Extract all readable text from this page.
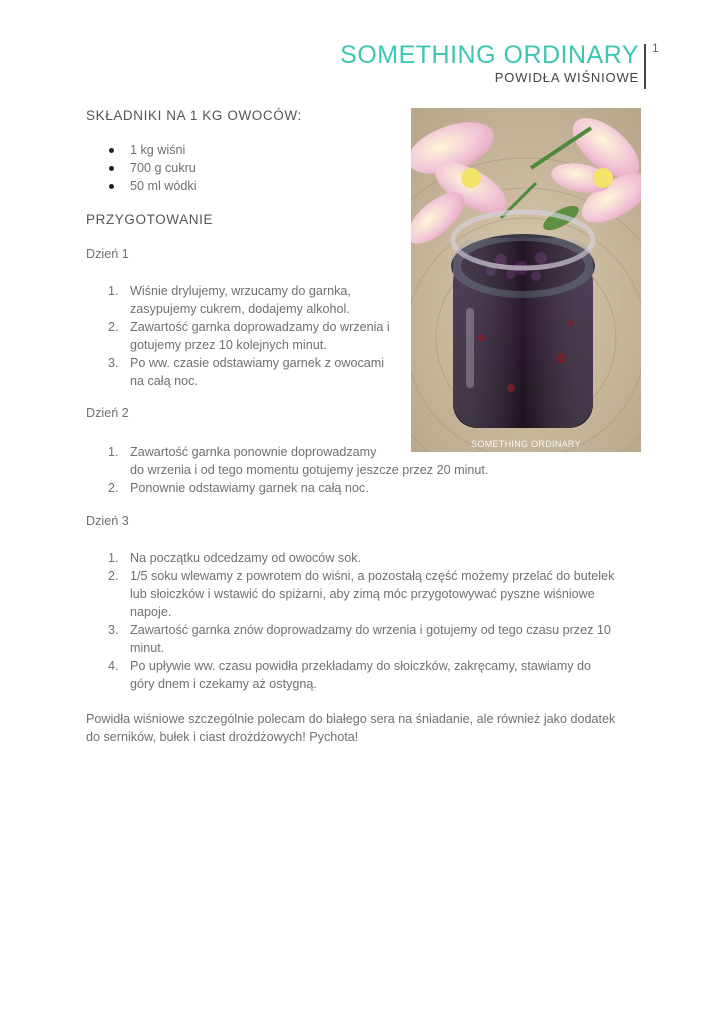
SOMETHING ORDINARY
POWIDŁA WIŚNIOWE
1
SKŁADNIKI NA 1 KG OWOCÓW:
1 kg wiśni
700 g cukru
50 ml wódki
PRZYGOTOWANIE
Dzień 1
1. Wiśnie drylujemy, wrzucamy do garnka,
zasypujemy cukrem, dodajemy alkohol.
2. Zawartość garnka doprowadzamy do wrzenia i
gotujemy przez 10 kolejnych minut.
3. Po ww. czasie odstawiamy garnek z owocami
na całą noc.
Dzień 2
1. Zawartość garnka ponownie doprowadzamy
do wrzenia i od tego momentu gotujemy jeszcze przez 20 minut.
2. Ponownie odstawiamy garnek na całą noc.
Dzień 3
1. Na początku odcedzamy od owoców sok.
2. 1/5 soku wlewamy z powrotem do wiśni, a pozostałą część możemy przelać do butelek
lub słoiczków i wstawić do spiżarni, aby zimą móc przygotowywać pyszne wiśniowe
napoje.
3. Zawartość garnka znów doprowadzamy do wrzenia i gotujemy od tego czasu przez 10
minut.
4. Po upływie ww. czasu powidła przekładamy do słoiczków, zakręcamy, stawiamy do
góry dnem i czekamy aż ostygną.
Powidła wiśniowe szczególnie polecam do białego sera na śniadanie, ale również jako dodatek
do serników, bułek i ciast drożdżowych! Pychota!
SOMETHING ORDINARY
